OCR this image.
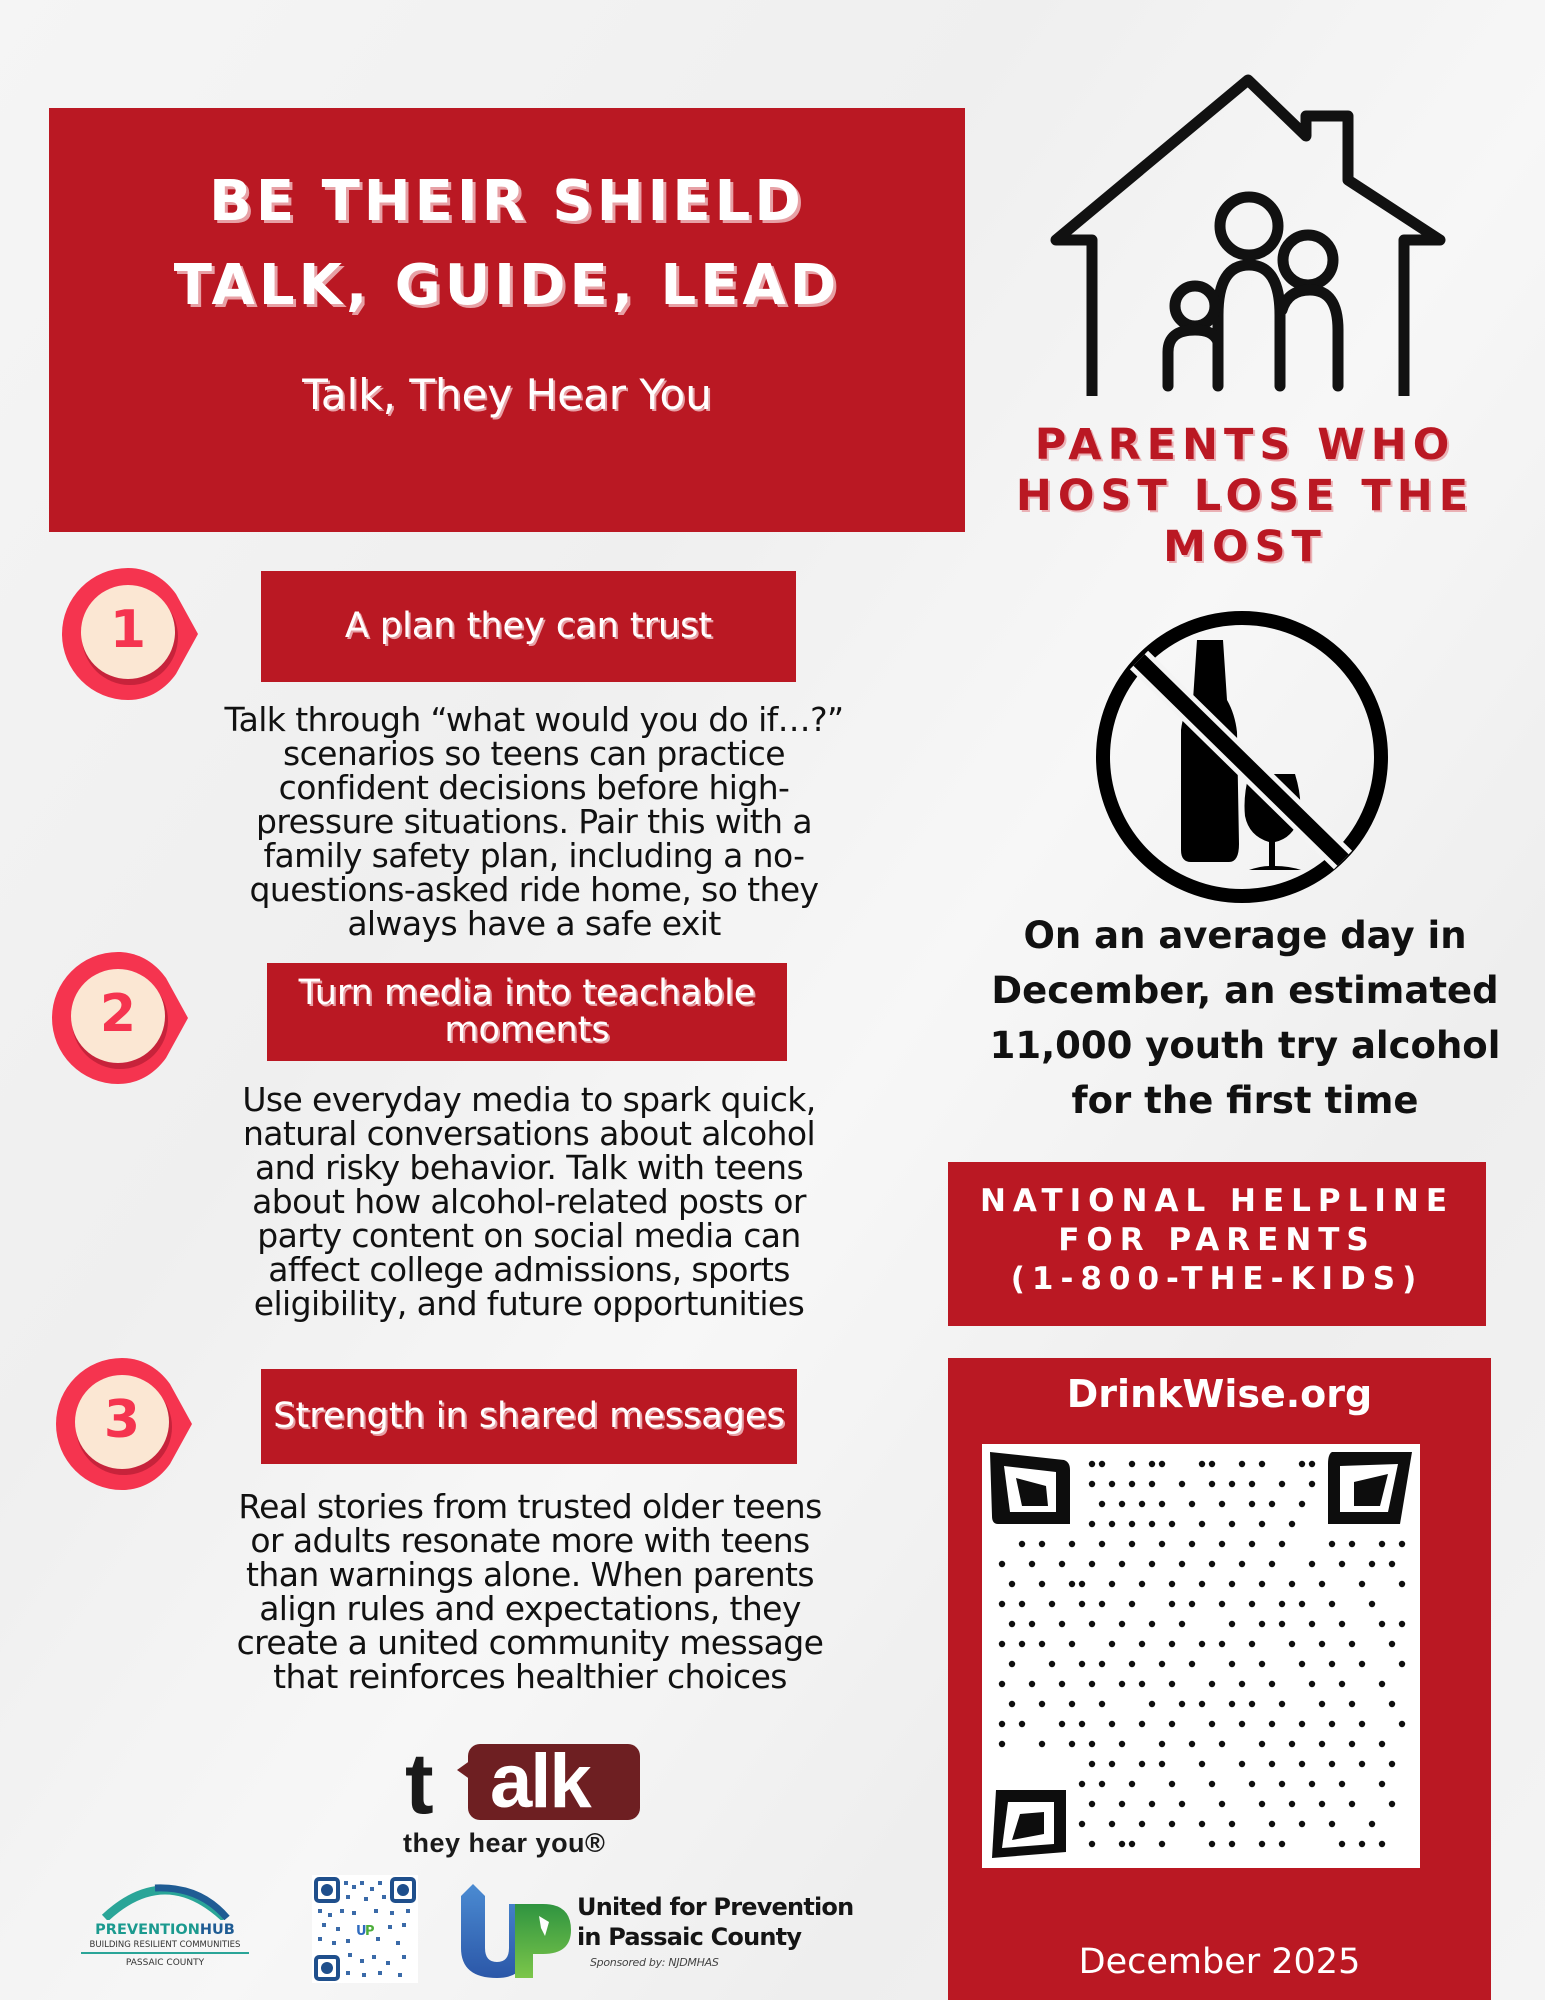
BE THEIR SHIELD
TALK, GUIDE, LEAD
Talk, They Hear You
1	A plan they can trust
Talk through “what would you do if…?” scenarios so teens can practice confident decisions before high-pressure situations. Pair this with a family safety plan, including a no-questions-asked ride home, so they always have a safe exit
2	Turn media into teachable moments
Use everyday media to spark quick, natural conversations about alcohol and risky behavior. Talk with teens about how alcohol-related posts or party content on social media can affect college admissions, sports eligibility, and future opportunities
3	Strength in shared messages
Real stories from trusted older teens or adults resonate more with teens than warnings alone. When parents align rules and expectations, they create a united community message that reinforces healthier choices
alk
t
they hear you®
PREVENTIONHUB
BUILDING RESILIENT COMMUNITIES
PASSAIC COUNTY
U
P
United for Prevention
in Passaic County
Sponsored by: NJDMHAS
PARENTS WHO HOST LOSE THE MOST
On an average day in December, an estimated 11,000 youth try alcohol for the first time
NATIONAL HELPLINE
FOR PARENTS
(1-800-THE-KIDS)
DrinkWise.org
December 2025
